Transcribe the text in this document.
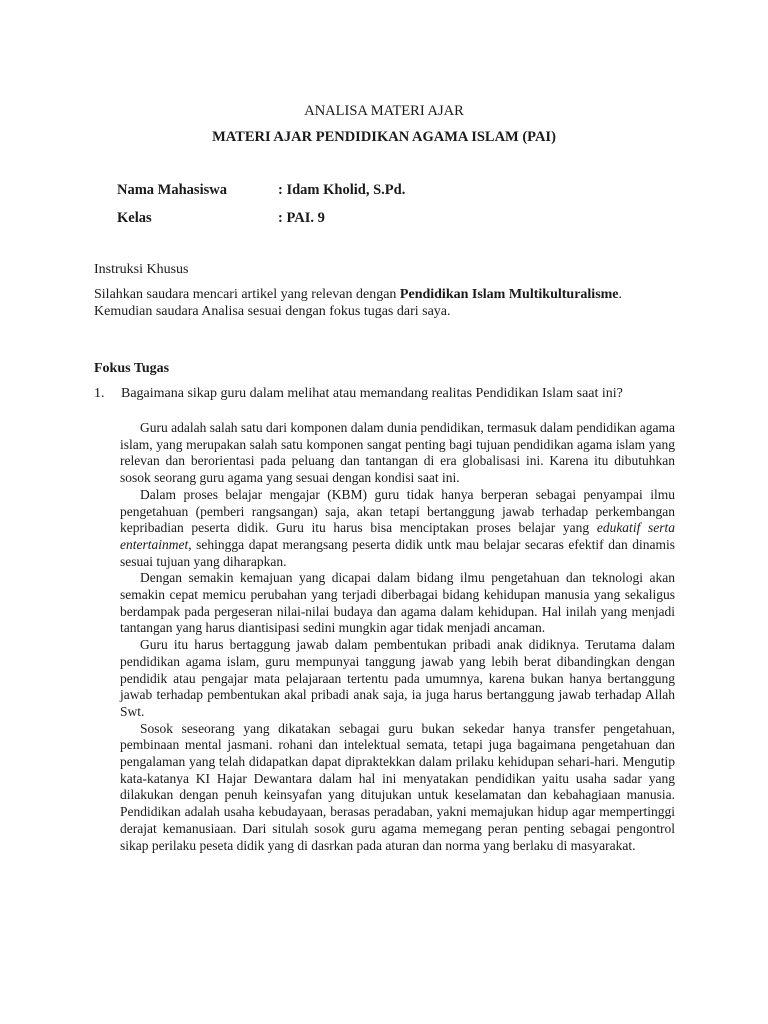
ANALISA MATERI AJAR
MATERI AJAR PENDIDIKAN AGAMA ISLAM (PAI)
Nama Mahasiswa	: Idam Kholid, S.Pd.
Kelas	: PAI. 9
Instruksi Khusus
Silahkan saudara mencari artikel yang relevan dengan Pendidikan Islam Multikulturalisme.
Kemudian saudara Analisa sesuai dengan fokus tugas dari saya.
Fokus Tugas
1. Bagaimana sikap guru dalam melihat atau memandang realitas Pendidikan Islam saat ini?

Guru adalah salah satu dari komponen dalam dunia pendidikan, termasuk dalam pendidikan agama islam, yang merupakan salah satu komponen sangat penting bagi tujuan pendidikan agama islam yang relevan dan berorientasi pada peluang dan tantangan di era globalisasi ini. Karena itu dibutuhkan sosok seorang guru agama yang sesuai dengan kondisi saat ini.

Dalam proses belajar mengajar (KBM) guru tidak hanya berperan sebagai penyampai ilmu pengetahuan (pemberi rangsangan) saja, akan tetapi bertanggung jawab terhadap perkembangan kepribadian peserta didik. Guru itu harus bisa menciptakan proses belajar yang edukatif serta entertainmet, sehingga dapat merangsang peserta didik untk mau belajar secaras efektif dan dinamis sesuai tujuan yang diharapkan.

Dengan semakin kemajuan yang dicapai dalam bidang ilmu pengetahuan dan teknologi akan semakin cepat memicu perubahan yang terjadi diberbagai bidang kehidupan manusia yang sekaligus berdampak pada pergeseran nilai-nilai budaya dan agama dalam kehidupan. Hal inilah yang menjadi tantangan yang harus diantisipasi sedini mungkin agar tidak menjadi ancaman.

Guru itu harus bertaggung jawab dalam pembentukan pribadi anak didiknya. Terutama dalam pendidikan agama islam, guru mempunyai tanggung jawab yang lebih berat dibandingkan dengan pendidik atau pengajar mata pelajaraan tertentu pada umumnya, karena bukan hanya bertanggung jawab terhadap pembentukan akal pribadi anak saja, ia juga harus bertanggung jawab terhadap Allah Swt.

Sosok seseorang yang dikatakan sebagai guru bukan sekedar hanya transfer pengetahuan, pembinaan mental jasmani. rohani dan intelektual semata, tetapi juga bagaimana pengetahuan dan pengalaman yang telah didapatkan dapat dipraktekkan dalam prilaku kehidupan sehari-hari. Mengutip kata-katanya KI Hajar Dewantara dalam hal ini menyatakan pendidikan yaitu usaha sadar yang dilakukan dengan penuh keinsyafan yang ditujukan untuk keselamatan dan kebahagiaan manusia. Pendidikan adalah usaha kebudayaan, berasas peradaban, yakni memajukan hidup agar mempertinggi derajat kemanusiaan. Dari situlah sosok guru agama memegang peran penting sebagai pengontrol sikap perilaku peseta didik yang di dasrkan pada aturan dan norma yang berlaku di masyarakat.
